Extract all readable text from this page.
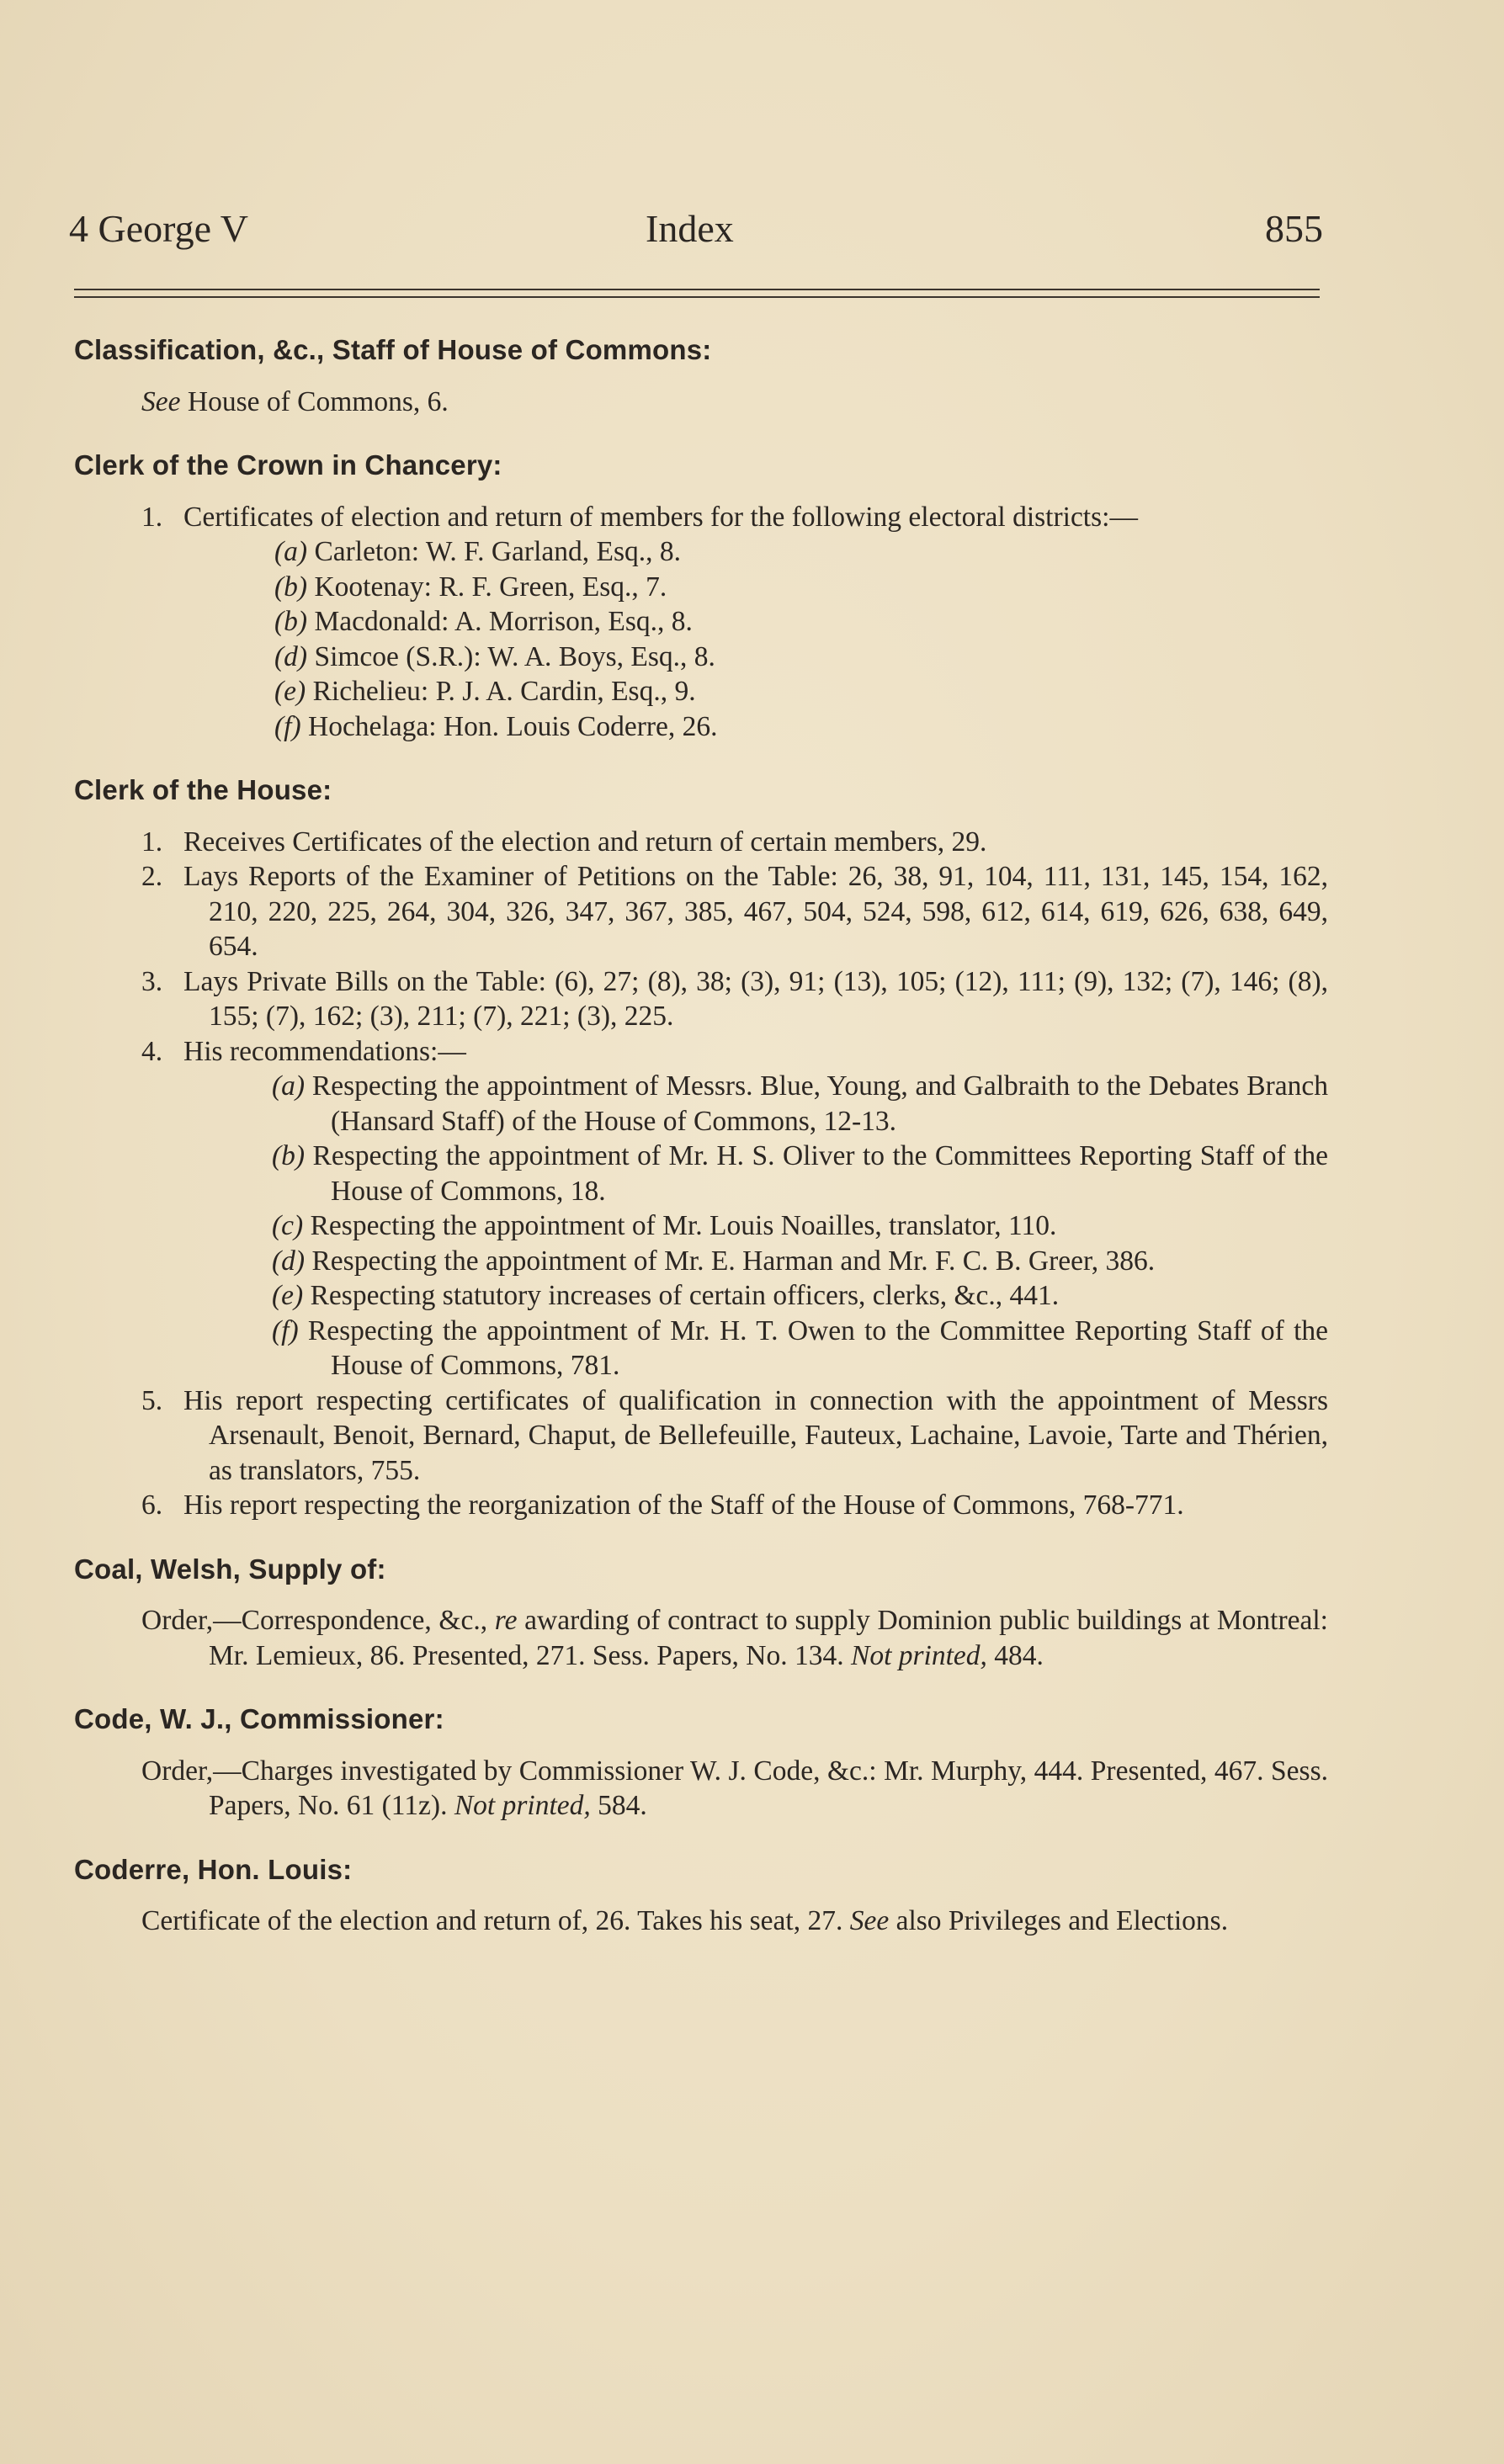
4 George V	Index	855
Classification, &c., Staff of House of Commons:

See House of Commons, 6.

Clerk of the Crown in Chancery:

1. Certificates of election and return of members for the following electoral districts:—

(a) Carleton: W. F. Garland, Esq., 8.

(b) Kootenay: R. F. Green, Esq., 7.

(b) Macdonald: A. Morrison, Esq., 8.

(d) Simcoe (S.R.): W. A. Boys, Esq., 8.

(e) Richelieu: P. J. A. Cardin, Esq., 9.

(f) Hochelaga: Hon. Louis Coderre, 26.

Clerk of the House:

1. Receives Certificates of the election and return of certain members, 29.

2. Lays Reports of the Examiner of Petitions on the Table: 26, 38, 91, 104, 111, 131, 145, 154, 162, 210, 220, 225, 264, 304, 326, 347, 367, 385, 467, 504, 524, 598, 612, 614, 619, 626, 638, 649, 654.

3. Lays Private Bills on the Table: (6), 27; (8), 38; (3), 91; (13), 105; (12), 111; (9), 132; (7), 146; (8), 155; (7), 162; (3), 211; (7), 221; (3), 225.

4. His recommendations:—

(a) Respecting the appointment of Messrs. Blue, Young, and Galbraith to the Debates Branch (Hansard Staff) of the House of Commons, 12-13.

(b) Respecting the appointment of Mr. H. S. Oliver to the Committees Reporting Staff of the House of Commons, 18.

(c) Respecting the appointment of Mr. Louis Noailles, translator, 110.

(d) Respecting the appointment of Mr. E. Harman and Mr. F. C. B. Greer, 386.

(e) Respecting statutory increases of certain officers, clerks, &c., 441.

(f) Respecting the appointment of Mr. H. T. Owen to the Committee Reporting Staff of the House of Commons, 781.

5. His report respecting certificates of qualification in connection with the appointment of Messrs Arsenault, Benoit, Bernard, Chaput, de Bellefeuille, Fauteux, Lachaine, Lavoie, Tarte and Thérien, as translators, 755.

6. His report respecting the reorganization of the Staff of the House of Commons, 768-771.

Coal, Welsh, Supply of:

Order,—Correspondence, &c., re awarding of contract to supply Dominion public buildings at Montreal: Mr. Lemieux, 86. Presented, 271. Sess. Papers, No. 134. Not printed, 484.

Code, W. J., Commissioner:

Order,—Charges investigated by Commissioner W. J. Code, &c.: Mr. Murphy, 444. Presented, 467. Sess. Papers, No. 61 (11z). Not printed, 584.

Coderre, Hon. Louis:

Certificate of the election and return of, 26. Takes his seat, 27. See also Privileges and Elections.
